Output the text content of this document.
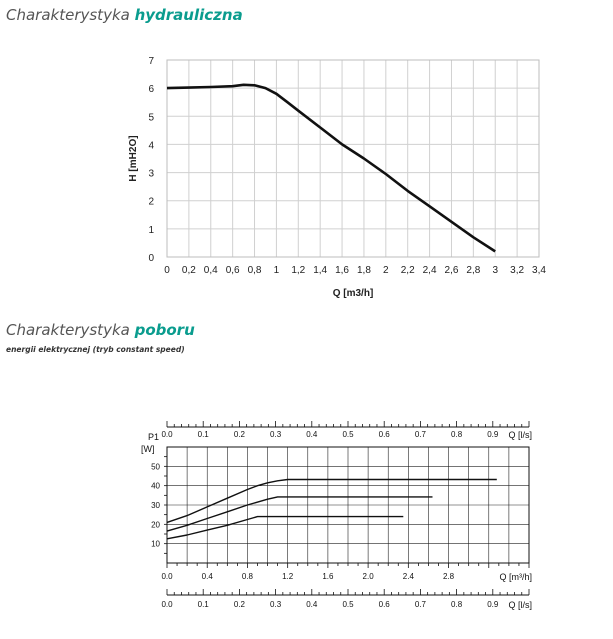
Charakterystyka hydrauliczna
Charakterystyka poboru
energii elektrycznej (tryb constant speed)
0 0,2 0,4 0,6 0,8 1 1,2 1,4 1,6 1,8 2 2,2 2,4 2,6 2,8 3 3,2 3,4
0
1
2
3
4
5
6
7
Q [m3/h]
H [mH2O]
10
20
30
40
50
0.0	0.4	0.8	1.2	1.6	2.0	2.4	2.8	Q [m³/h]
P1
[W]
0.0	0.1	0.2	0.3	0.4	0.5	0.6	0.7	0.8	0.9 Q [l/s]
0.0	0.1	0.2	0.3	0.4	0.5	0.6	0.7	0.8	0.9 Q [l/s]
